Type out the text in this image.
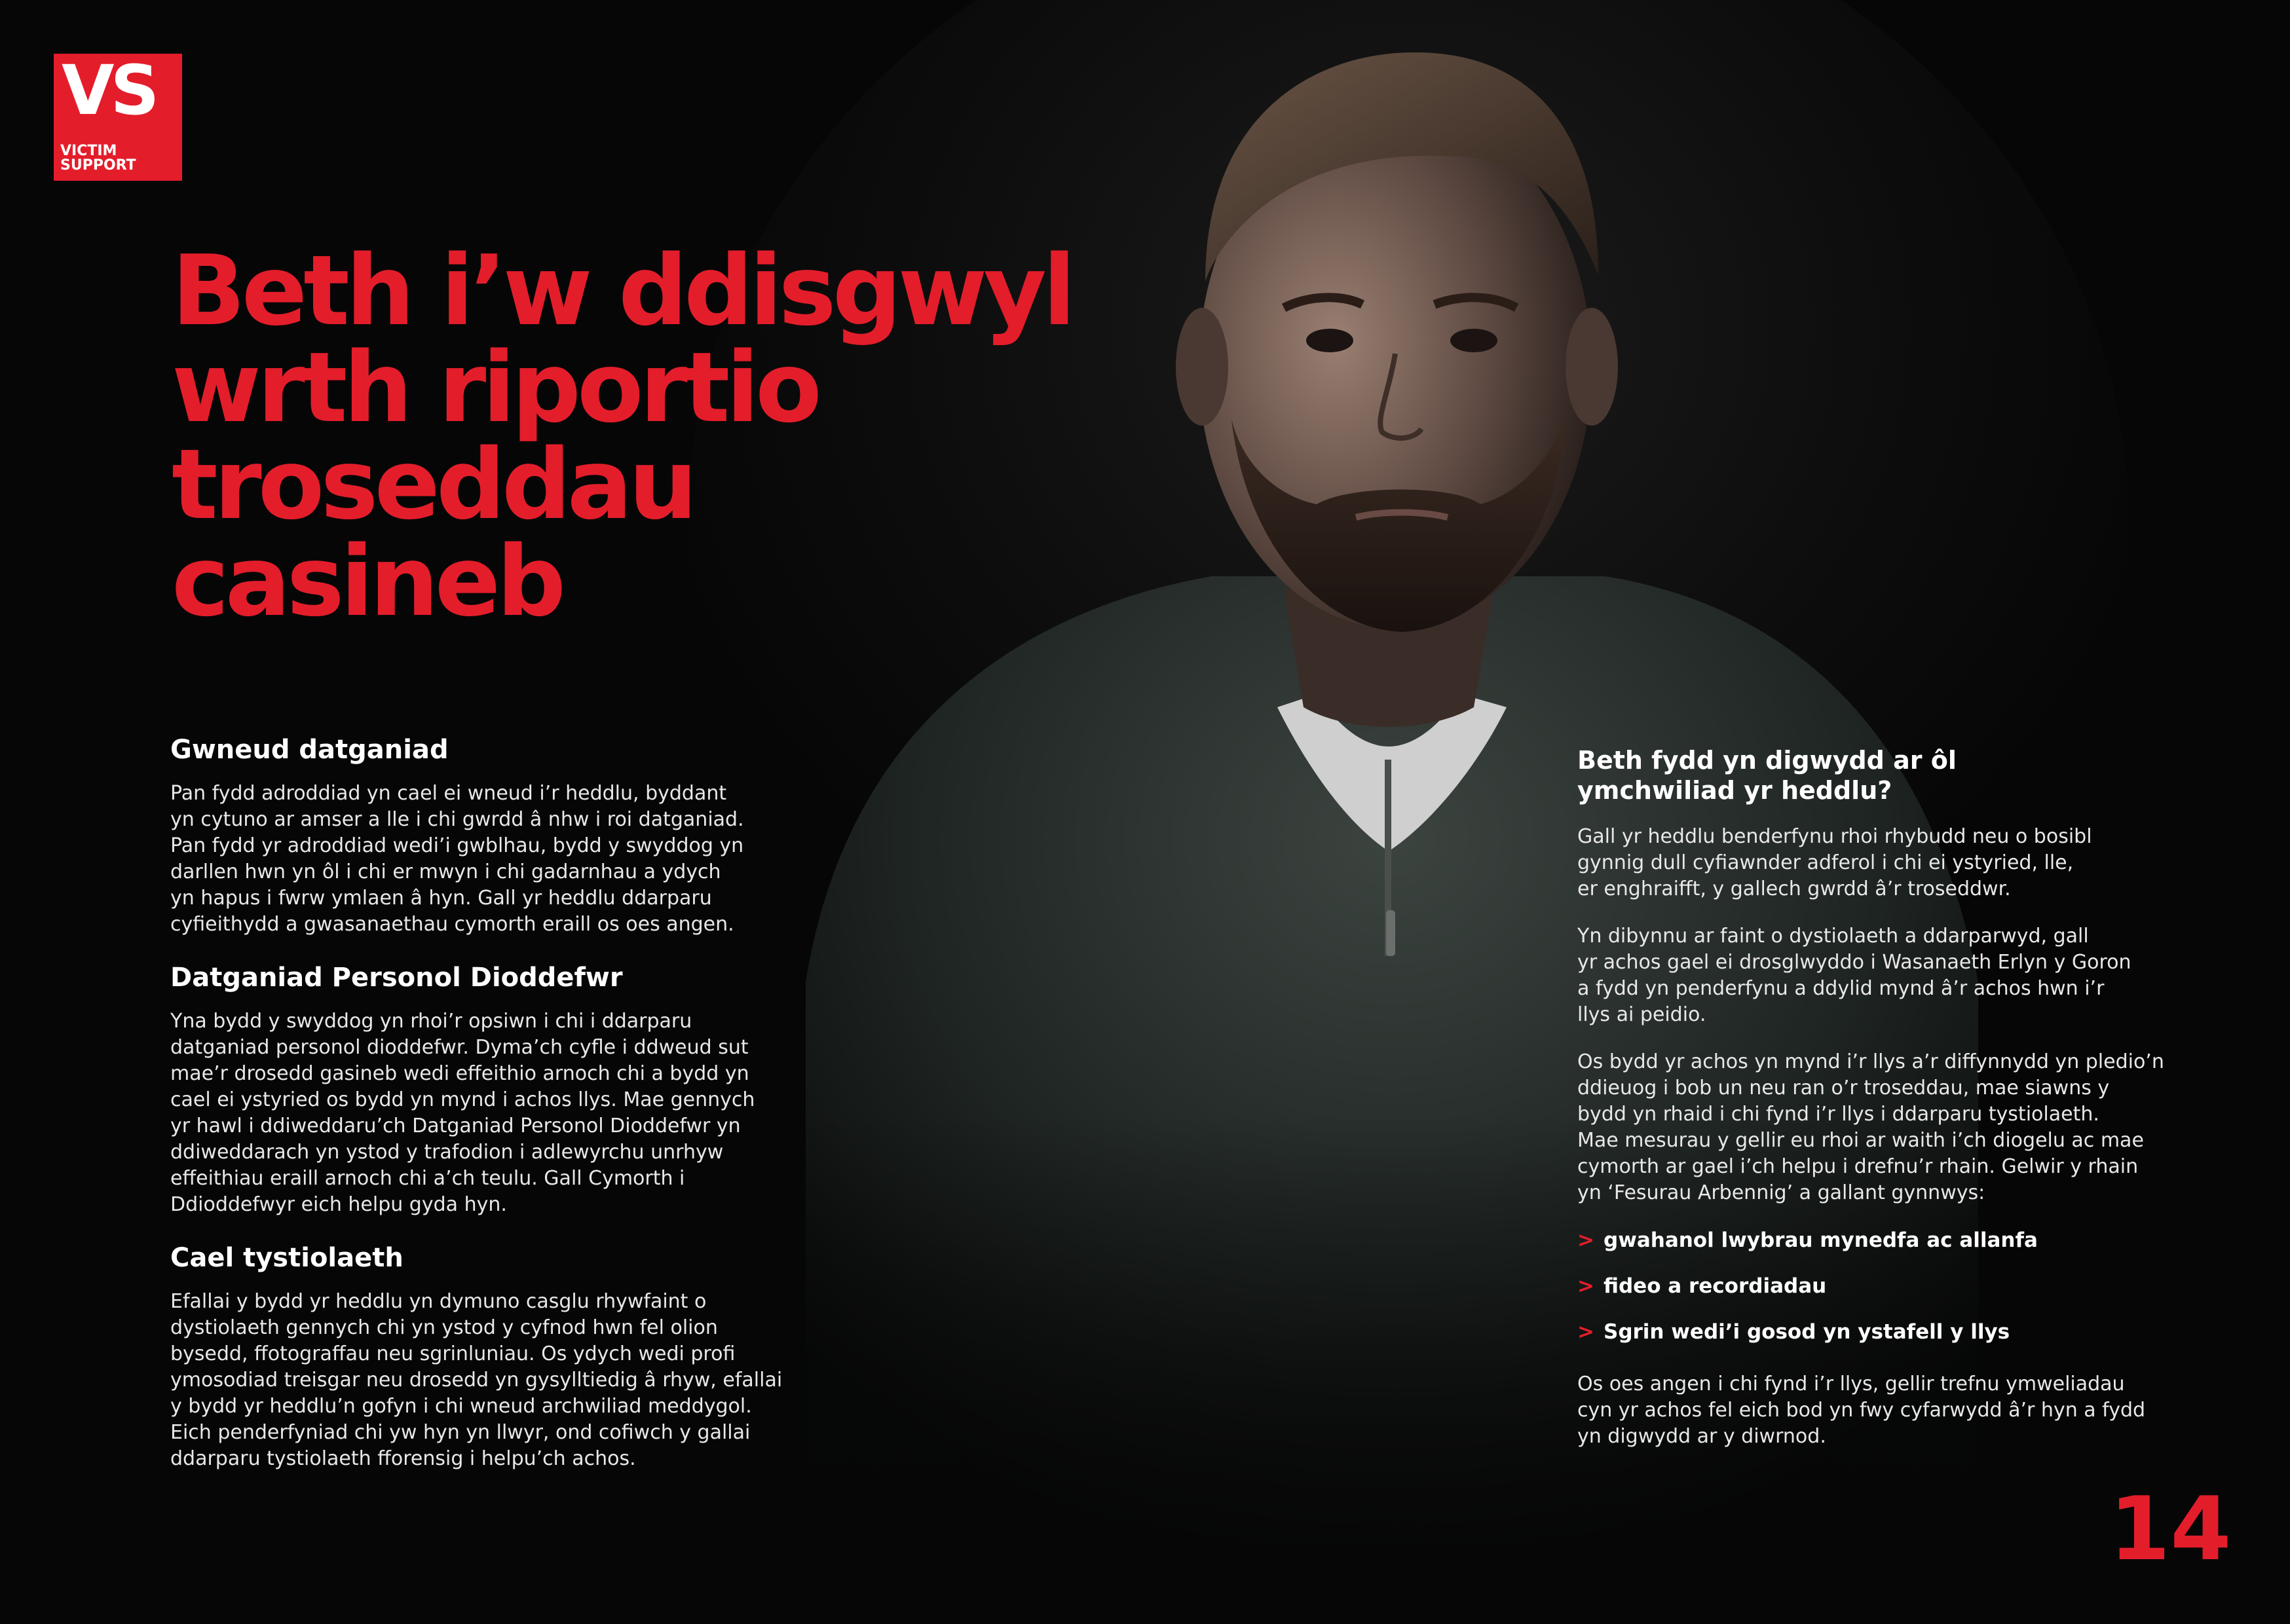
VS
VICTIM
SUPPORT
Beth i’w ddisgwyl
wrth riportio
troseddau
casineb
Gwneud datganiad

Pan fydd adroddiad yn cael ei wneud i’r heddlu, byddant
yn cytuno ar amser a lle i chi gwrdd â nhw i roi datganiad.
Pan fydd yr adroddiad wedi’i gwblhau, bydd y swyddog yn
darllen hwn yn ôl i chi er mwyn i chi gadarnhau a ydych
yn hapus i fwrw ymlaen â hyn. Gall yr heddlu ddarparu
cyfieithydd a gwasanaethau cymorth eraill os oes angen.

Datganiad Personol Dioddefwr

Yna bydd y swyddog yn rhoi’r opsiwn i chi i ddarparu
datganiad personol dioddefwr. Dyma’ch cyfle i ddweud sut
mae’r drosedd gasineb wedi effeithio arnoch chi a bydd yn
cael ei ystyried os bydd yn mynd i achos llys. Mae gennych
yr hawl i ddiweddaru’ch Datganiad Personol Dioddefwr yn
ddiweddarach yn ystod y trafodion i adlewyrchu unrhyw
effeithiau eraill arnoch chi a’ch teulu. Gall Cymorth i
Ddioddefwyr eich helpu gyda hyn.

Cael tystiolaeth

Efallai y bydd yr heddlu yn dymuno casglu rhywfaint o
dystiolaeth gennych chi yn ystod y cyfnod hwn fel olion
bysedd, ffotograffau neu sgrinluniau. Os ydych wedi profi
ymosodiad treisgar neu drosedd yn gysylltiedig â rhyw, efallai
y bydd yr heddlu’n gofyn i chi wneud archwiliad meddygol.
Eich penderfyniad chi yw hyn yn llwyr, ond cofiwch y gallai
ddarparu tystiolaeth fforensig i helpu’ch achos.

Beth fydd yn digwydd ar ôl
ymchwiliad yr heddlu?

Gall yr heddlu benderfynu rhoi rhybudd neu o bosibl
gynnig dull cyfiawnder adferol i chi ei ystyried, lle,
er enghraifft, y gallech gwrdd â’r troseddwr.

Yn dibynnu ar faint o dystiolaeth a ddarparwyd, gall
yr achos gael ei drosglwyddo i Wasanaeth Erlyn y Goron
a fydd yn penderfynu a ddylid mynd â’r achos hwn i’r
llys ai peidio.

Os bydd yr achos yn mynd i’r llys a’r diffynnydd yn pledio’n
ddieuog i bob un neu ran o’r troseddau, mae siawns y
bydd yn rhaid i chi fynd i’r llys i ddarparu tystiolaeth.
Mae mesurau y gellir eu rhoi ar waith i’ch diogelu ac mae
cymorth ar gael i’ch helpu i drefnu’r rhain. Gelwir y rhain
yn ‘Fesurau Arbennig’ a gallant gynnwys:

> gwahanol lwybrau mynedfa ac allanfa
> fideo a recordiadau
> Sgrin wedi’i gosod yn ystafell y llys

Os oes angen i chi fynd i’r llys, gellir trefnu ymweliadau
cyn yr achos fel eich bod yn fwy cyfarwydd â’r hyn a fydd
yn digwydd ar y diwrnod.

14
